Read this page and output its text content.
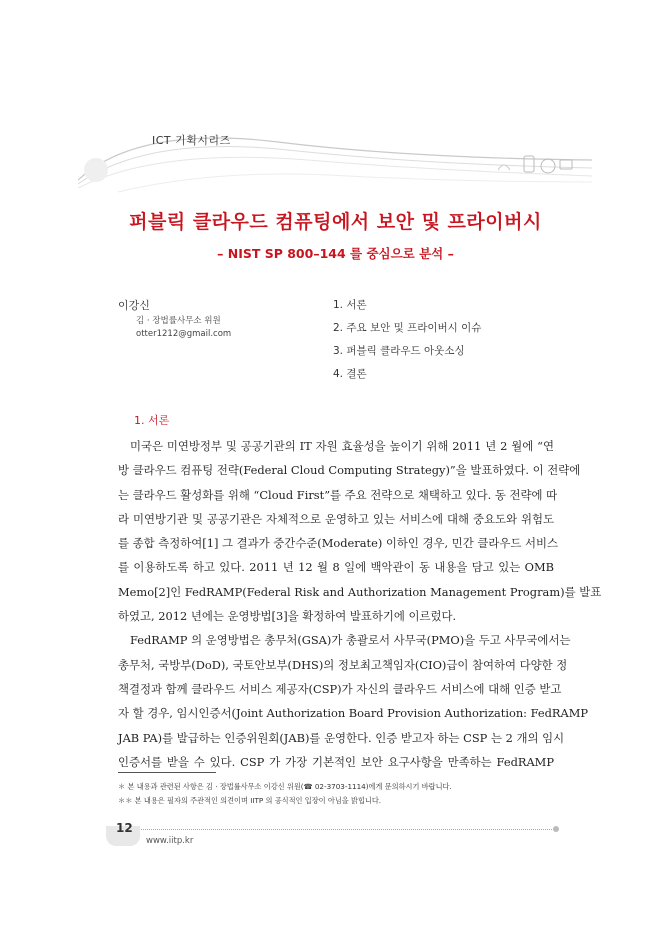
ICT 기획시리즈
퍼블릭 클라우드 컴퓨팅에서 보안 및 프라이버시
– NIST SP 800–144 를 중심으로 분석 –
이강신
김 · 장법률사무소 위원
otter1212@gmail.com
1. 서론
2. 주요 보안 및 프라이버시 이슈
3. 퍼블릭 클라우드 아웃소싱
4. 결론
1. 서론

미국은 미연방정부 및 공공기관의 IT 자원 효율성을 높이기 위해 2011 년 2 월에 “연
방 클라우드 컴퓨팅 전략(Federal Cloud Computing Strategy)”을 발표하였다. 이 전략에
는 클라우드 활성화를 위해 “Cloud First”를 주요 전략으로 채택하고 있다. 동 전략에 따
라 미연방기관 및 공공기관은 자체적으로 운영하고 있는 서비스에 대해 중요도와 위험도
를 종합 측정하여[1] 그 결과가 중간수준(Moderate) 이하인 경우, 민간 클라우드 서비스
를 이용하도록 하고 있다. 2011 년 12 월 8 일에 백악관이 동 내용을 담고 있는 OMB
Memo[2]인 FedRAMP(Federal Risk and Authorization Management Program)를 발표
하였고, 2012 년에는 운영방법[3]을 확정하여 발표하기에 이르렀다.

FedRAMP 의 운영방법은 총무처(GSA)가 총괄로서 사무국(PMO)을 두고 사무국에서는
총무처, 국방부(DoD), 국토안보부(DHS)의 정보최고책임자(CIO)급이 참여하여 다양한 정
책결정과 함께 클라우드 서비스 제공자(CSP)가 자신의 클라우드 서비스에 대해 인증 받고
자 할 경우, 임시인증서(Joint Authorization Board Provision Authorization: FedRAMP
JAB PA)를 발급하는 인증위원회(JAB)를 운영한다. 인증 받고자 하는 CSP 는 2 개의 임시
인증서를 받을 수 있다. CSP 가 가장 기본적인 보안 요구사항을 만족하는 FedRAMP

＊ 본 내용과 관련된 사항은 김 · 장법률사무소 이강신 위원(☎ 02-3703-1114)에게 문의하시기 바랍니다.
＊＊ 본 내용은 필자의 주관적인 의견이며 IITP 의 공식적인 입장이 아님을 밝힙니다.
12
www.iitp.kr
